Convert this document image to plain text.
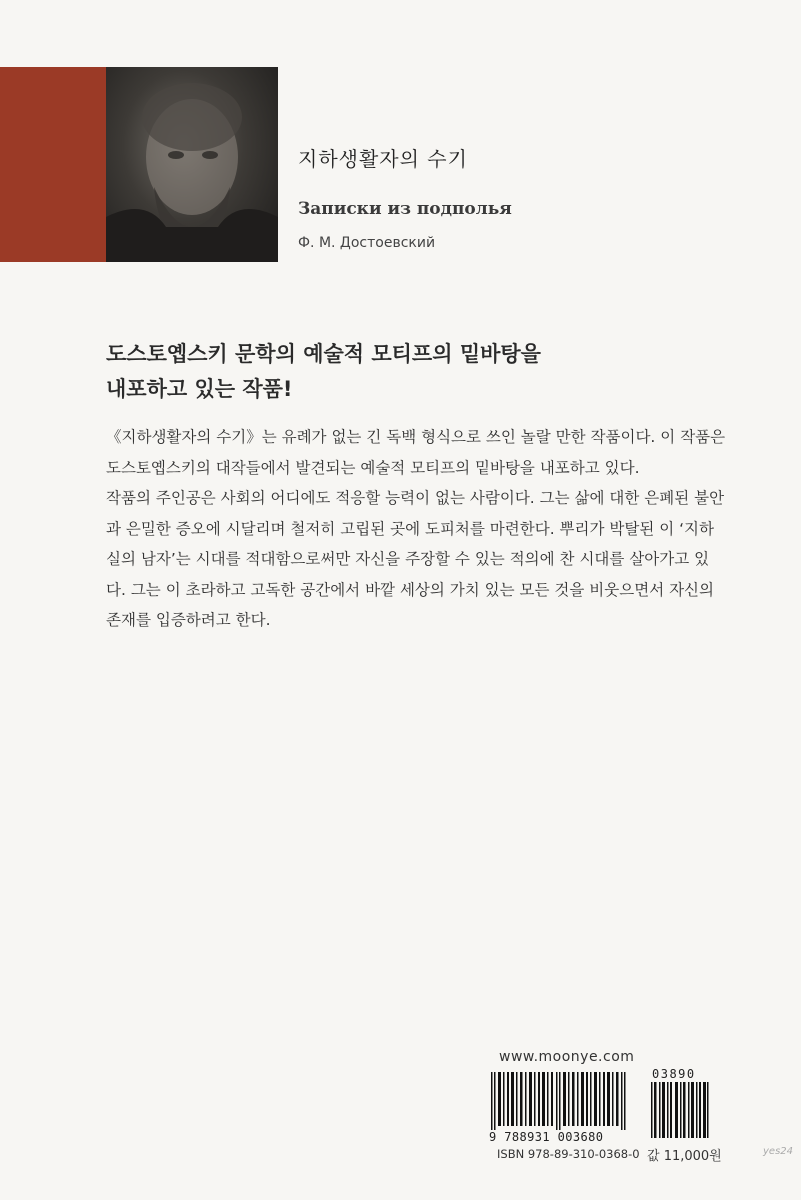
지하생활자의 수기
Записки из подполья
Ф. М. Достоевский
도스토옙스키 문학의 예술적 모티프의 밑바탕을
내포하고 있는 작품!

《지하생활자의 수기》는 유례가 없는 긴 독백 형식으로 쓰인 놀랄 만한 작품이다. 이 작품은 도스토옙스키의 대작들에서 발견되는 예술적 모티프의 밑바탕을 내포하고 있다.

작품의 주인공은 사회의 어디에도 적응할 능력이 없는 사람이다. 그는 삶에 대한 은폐된 불안과 은밀한 증오에 시달리며 철저히 고립된 곳에 도피처를 마련한다. 뿌리가 박탈된 이 ‘지하실의 남자’는 시대를 적대함으로써만 자신을 주장할 수 있는 적의에 찬 시대를 살아가고 있다. 그는 이 초라하고 고독한 공간에서 바깥 세상의 가치 있는 모든 것을 비웃으면서 자신의 존재를 입증하려고 한다.

www.moonye.com
9 788931 003680
03890
ISBN 978-89-310-0368-0 값 11,000원	yes24
